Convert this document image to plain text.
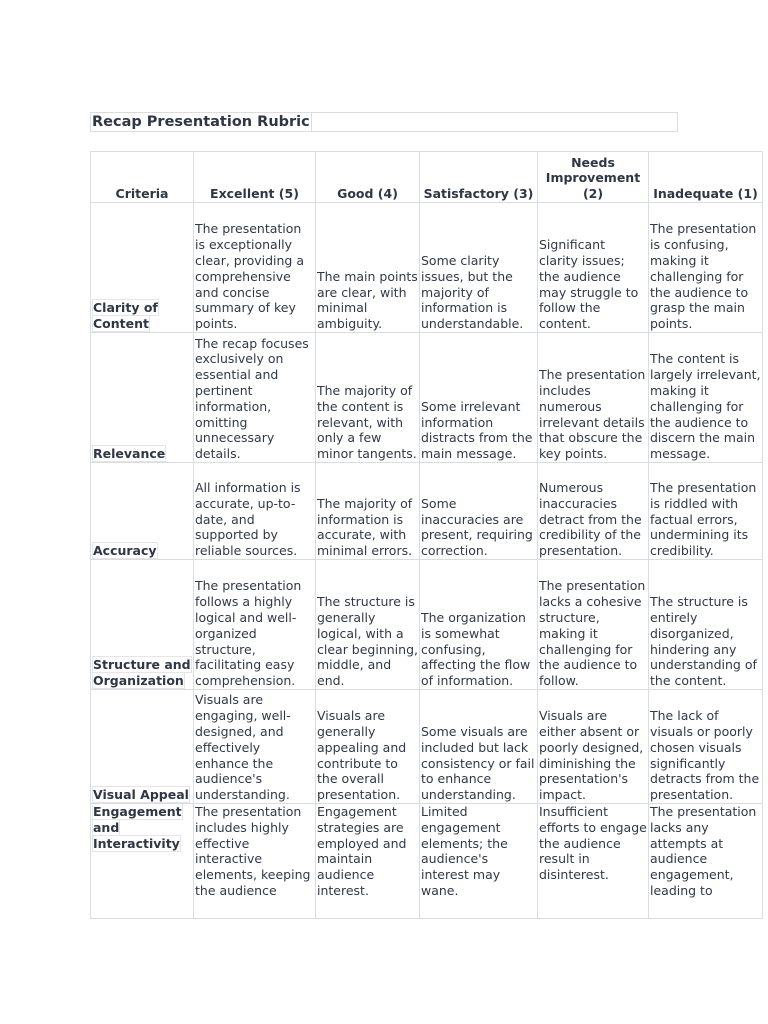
Recap Presentation Rubric
Criteria	Excellent (5)	Good (4)	Satisfactory (3)	Needs Improvement (2)	Inadequate (1)
Clarity of Content	The presentation is exceptionally clear, providing a comprehensive and concise summary of key points.	The main points are clear, with minimal ambiguity.	Some clarity issues, but the majority of information is understandable.	Significant clarity issues; the audience may struggle to follow the content.	The presentation is confusing, making it challenging for the audience to grasp the main points.
Relevance	The recap focuses exclusively on essential and pertinent information, omitting unnecessary details.	The majority of the content is relevant, with only a few minor tangents.	Some irrelevant information distracts from the main message.	The presentation includes numerous irrelevant details that obscure the key points.	The content is largely irrelevant, making it challenging for the audience to discern the main message.
Accuracy	All information is accurate, up-to-date, and supported by reliable sources.	The majority of information is accurate, with minimal errors.	Some inaccuracies are present, requiring correction.	Numerous inaccuracies detract from the credibility of the presentation.	The presentation is riddled with factual errors, undermining its credibility.
Structure and Organization	The presentation follows a highly logical and well-organized structure, facilitating easy comprehension.	The structure is generally logical, with a clear beginning, middle, and end.	The organization is somewhat confusing, affecting the flow of information.	The presentation lacks a cohesive structure, making it challenging for the audience to follow.	The structure is entirely disorganized, hindering any understanding of the content.
Visual Appeal	Visuals are engaging, well-designed, and effectively enhance the audience's understanding.	Visuals are generally appealing and contribute to the overall presentation.	Some visuals are included but lack consistency or fail to enhance understanding.	Visuals are either absent or poorly designed, diminishing the presentation's impact.	The lack of visuals or poorly chosen visuals significantly detracts from the presentation.

Engagement and Interactivity	The presentation includes highly effective interactive elements, keeping the audience	Engagement strategies are employed and maintain audience interest.	Limited engagement elements; the audience's interest may wane.	Insufficient efforts to engage the audience result in disinterest.	The presentation lacks any attempts at audience engagement, leading to
